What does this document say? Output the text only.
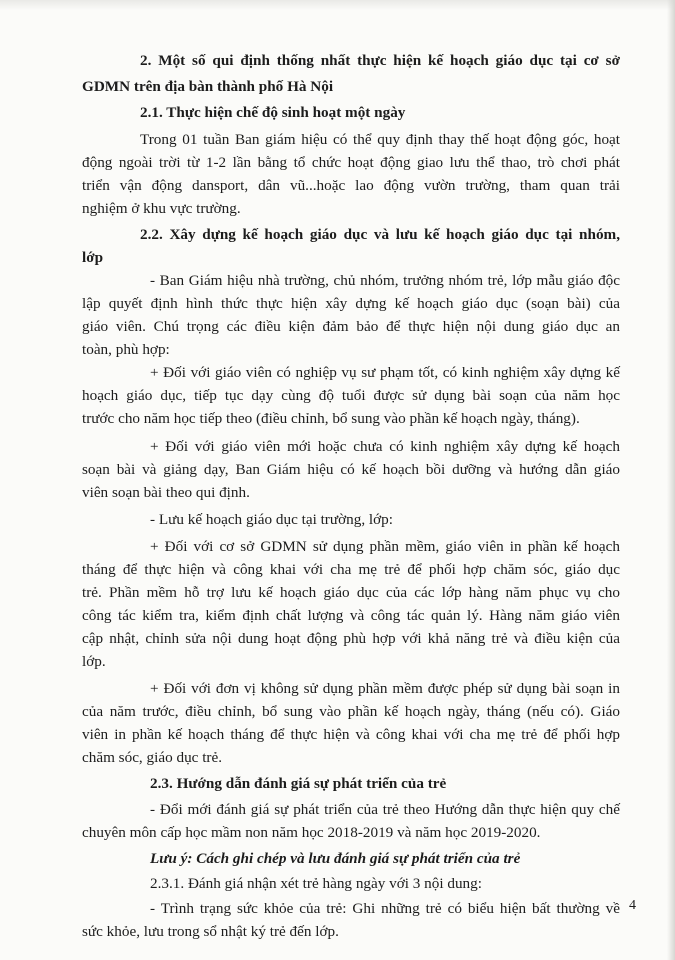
2. Một số qui định thống nhất thực hiện kế hoạch giáo dục tại cơ sở
GDMN trên địa bàn thành phố Hà Nội
2.1. Thực hiện chế độ sinh hoạt một ngày
Trong 01 tuần Ban giám hiệu có thể quy định thay thế hoạt động góc, hoạt
động ngoài trời từ 1-2 lần bằng tổ chức hoạt động giao lưu thể thao, trò chơi phát
triển vận động dansport, dân vũ...hoặc lao động vườn trường, tham quan trải
nghiệm ở khu vực trường.
2.2. Xây dựng kế hoạch giáo dục và lưu kế hoạch giáo dục tại nhóm,
lớp
- Ban Giám hiệu nhà trường, chủ nhóm, trưởng nhóm trẻ, lớp mẫu giáo độc
lập quyết định hình thức thực hiện xây dựng kế hoạch giáo dục (soạn bài) của
giáo viên. Chú trọng các điều kiện đảm bảo để thực hiện nội dung giáo dục an
toàn, phù hợp:
+ Đối với giáo viên có nghiệp vụ sư phạm tốt, có kinh nghiệm xây dựng kế
hoạch giáo dục, tiếp tục dạy cùng độ tuổi được sử dụng bài soạn của năm học
trước cho năm học tiếp theo (điều chỉnh, bổ sung vào phần kế hoạch ngày, tháng).
+ Đối với giáo viên mới hoặc chưa có kinh nghiệm xây dựng kế hoạch
soạn bài và giảng dạy, Ban Giám hiệu có kế hoạch bồi dưỡng và hướng dẫn giáo
viên soạn bài theo qui định.
- Lưu kế hoạch giáo dục tại trường, lớp:
+ Đối với cơ sở GDMN sử dụng phần mềm, giáo viên in phần kế hoạch
tháng để thực hiện và công khai với cha mẹ trẻ để phối hợp chăm sóc, giáo dục
trẻ. Phần mềm hỗ trợ lưu kế hoạch giáo dục của các lớp hàng năm phục vụ cho
công tác kiểm tra, kiểm định chất lượng và công tác quản lý. Hàng năm giáo viên
cập nhật, chỉnh sửa nội dung hoạt động phù hợp với khả năng trẻ và điều kiện của
lớp.
+ Đối với đơn vị không sử dụng phần mềm được phép sử dụng bài soạn in
của năm trước, điều chỉnh, bổ sung vào phần kế hoạch ngày, tháng (nếu có). Giáo
viên in phần kế hoạch tháng để thực hiện và công khai với cha mẹ trẻ để phối hợp
chăm sóc, giáo dục trẻ.
2.3. Hướng dẫn đánh giá sự phát triển của trẻ
- Đổi mới đánh giá sự phát triển của trẻ theo Hướng dẫn thực hiện quy chế
chuyên môn cấp học mầm non năm học 2018-2019 và năm học 2019-2020.
Lưu ý: Cách ghi chép và lưu đánh giá sự phát triển của trẻ
2.3.1. Đánh giá nhận xét trẻ hàng ngày với 3 nội dung:
- Trình trạng sức khỏe của trẻ: Ghi những trẻ có biểu hiện bất thường về
sức khỏe, lưu trong sổ nhật ký trẻ đến lớp.
4
